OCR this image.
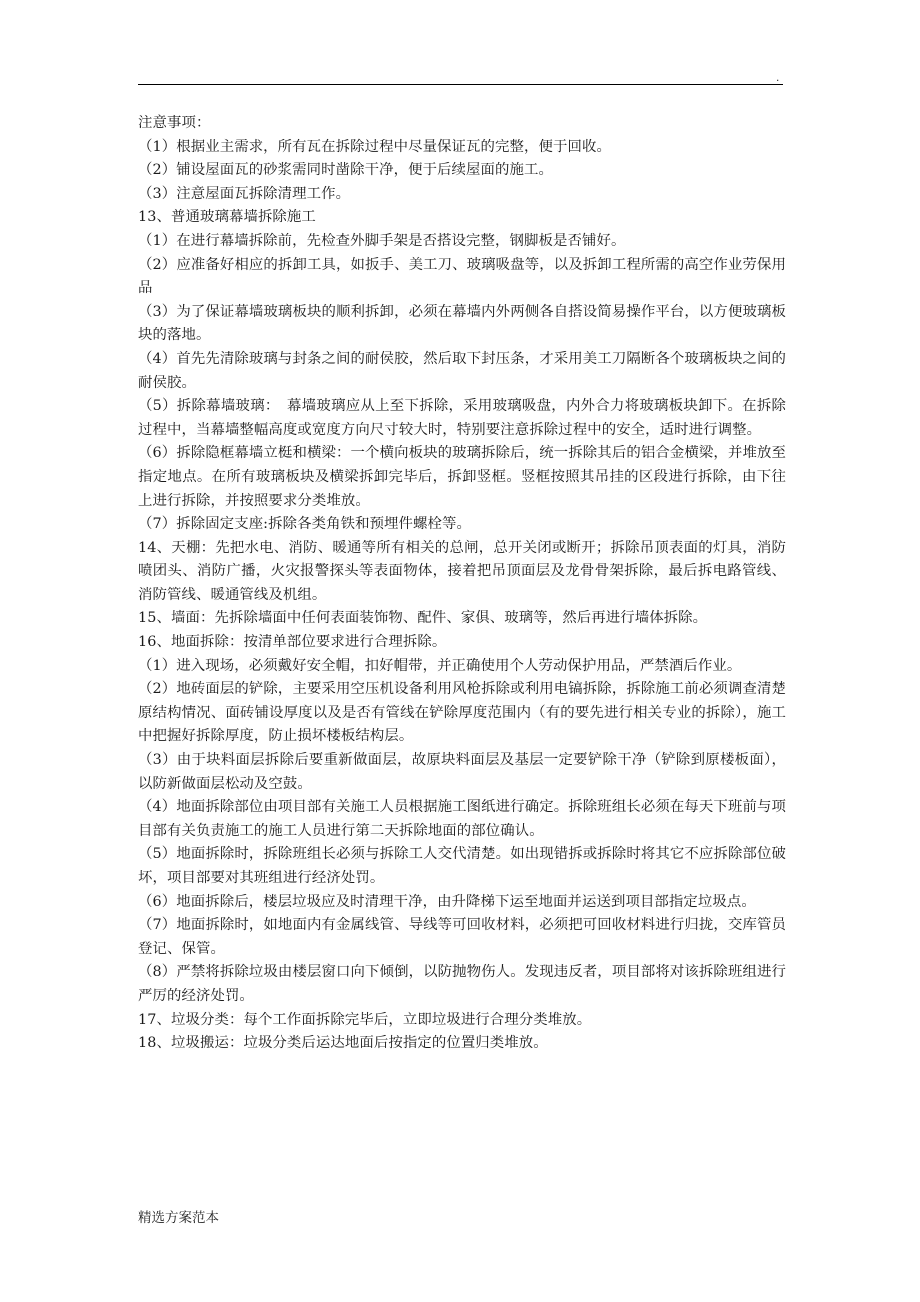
.

注意事项：

（1）根据业主需求，所有瓦在拆除过程中尽量保证瓦的完整，便于回收。

（2）铺设屋面瓦的砂浆需同时凿除干净，便于后续屋面的施工。

（3）注意屋面瓦拆除清理工作。

13、普通玻璃幕墙拆除施工

（1）在进行幕墙拆除前，先检查外脚手架是否搭设完整，钢脚板是否铺好。

（2）应准备好相应的拆卸工具，如扳手、美工刀、玻璃吸盘等，以及拆卸工程所需的高空作业劳保用品

（3）为了保证幕墙玻璃板块的顺利拆卸，必须在幕墙内外两侧各自搭设简易操作平台，以方便玻璃板块的落地。

（4）首先先清除玻璃与封条之间的耐侯胶，然后取下封压条，才采用美工刀隔断各个玻璃板块之间的耐侯胶。

（5）拆除幕墙玻璃：　幕墙玻璃应从上至下拆除，采用玻璃吸盘，内外合力将玻璃板块卸下。在拆除过程中，当幕墙整幅高度或宽度方向尺寸较大时，特别要注意拆除过程中的安全，适时进行调整。

（6）拆除隐框幕墙立梃和横梁：一个横向板块的玻璃拆除后，统一拆除其后的铝合金横梁，并堆放至指定地点。在所有玻璃板块及横梁拆卸完毕后，拆卸竖框。竖框按照其吊挂的区段进行拆除，由下往上进行拆除，并按照要求分类堆放。

（7）拆除固定支座:拆除各类角铁和预埋件螺栓等。

14、天棚：先把水电、消防、暖通等所有相关的总闸，总开关闭或断开；拆除吊顶表面的灯具，消防喷团头、消防广播，火灾报警探头等表面物体，接着把吊顶面层及龙骨骨架拆除，最后拆电路管线、消防管线、暖通管线及机组。

15、墙面：先拆除墙面中任何表面装饰物、配件、家俱、玻璃等，然后再进行墙体拆除。

16、地面拆除：按清单部位要求进行合理拆除。

（1）进入现场，必须戴好安全帽，扣好帽带，并正确使用个人劳动保护用品，严禁酒后作业。

（2）地砖面层的铲除，主要采用空压机设备利用风枪拆除或利用电镐拆除，拆除施工前必须调查清楚原结构情况、面砖铺设厚度以及是否有管线在铲除厚度范围内（有的要先进行相关专业的拆除），施工中把握好拆除厚度，防止损坏楼板结构层。

（3）由于块料面层拆除后要重新做面层，故原块料面层及基层一定要铲除干净（铲除到原楼板面），以防新做面层松动及空鼓。

（4）地面拆除部位由项目部有关施工人员根据施工图纸进行确定。拆除班组长必须在每天下班前与项目部有关负责施工的施工人员进行第二天拆除地面的部位确认。

（5）地面拆除时，拆除班组长必须与拆除工人交代清楚。如出现错拆或拆除时将其它不应拆除部位破坏，项目部要对其班组进行经济处罚。

（6）地面拆除后，楼层垃圾应及时清理干净，由升降梯下运至地面并运送到项目部指定垃圾点。

（7）地面拆除时，如地面内有金属线管、导线等可回收材料，必须把可回收材料进行归拢，交库管员登记、保管。

（8）严禁将拆除垃圾由楼层窗口向下倾倒，以防抛物伤人。发现违反者，项目部将对该拆除班组进行严厉的经济处罚。

17、垃圾分类：每个工作面拆除完毕后，立即垃圾进行合理分类堆放。

18、垃圾搬运：垃圾分类后运达地面后按指定的位置归类堆放。

精选方案范本
